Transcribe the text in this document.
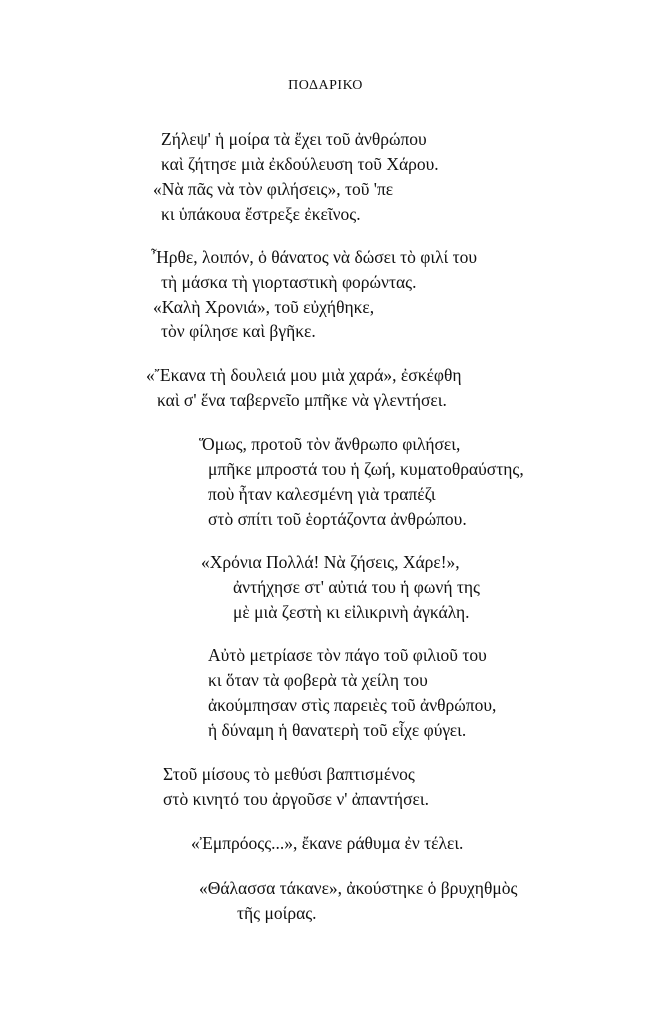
ΠΟΔΑΡΙΚΟ
Ζήλεψ' ἡ μοίρα τὰ ἔχει τοῦ ἀνθρώπου
καὶ ζήτησε μιὰ ἐκδούλευση τοῦ Χάρου.
«Νὰ πᾶς νὰ τὸν φιλήσεις», τοῦ 'πε
κι ὑπάκουα ἔστρεξε ἐκεῖνος.
Ἦρθε, λοιπόν, ὁ θάνατος νὰ δώσει τὸ φιλί του
τὴ μάσκα τὴ γιορταστικὴ φορώντας.
«Καλὴ Χρονιά», τοῦ εὐχήθηκε,
τὸν φίλησε καὶ βγῆκε.
«Ἔκανα τὴ δουλειά μου μιὰ χαρά», ἐσκέφθη
καὶ σ' ἕνα ταβερνεῖο μπῆκε νὰ γλεντήσει.
Ὅμως, προτοῦ τὸν ἄνθρωπο φιλήσει,
μπῆκε μπροστά του ἡ ζωή, κυματοθραύστης,
ποὺ ἦταν καλεσμένη γιὰ τραπέζι
στὸ σπίτι τοῦ ἑορτάζοντα ἀνθρώπου.
«Χρόνια Πολλά! Νὰ ζήσεις, Χάρε!»,
ἀντήχησε στ' αὐτιά του ἡ φωνή της
μὲ μιὰ ζεστὴ κι εἰλικρινὴ ἀγκάλη.
Αὐτὸ μετρίασε τὸν πάγο τοῦ φιλιοῦ του
κι ὅταν τὰ φοβερὰ τὰ χείλη του
ἀκούμπησαν στὶς παρειὲς τοῦ ἀνθρώπου,
ἡ δύναμη ἡ θανατερὴ τοῦ εἶχε φύγει.
Στοῦ μίσους τὸ μεθύσι βαπτισμένος
στὸ κινητό του ἀργοῦσε ν' ἀπαντήσει.
«Ἐμπρόοςς...», ἔκανε ράθυμα ἐν τέλει.
«Θάλασσα τάκανε», ἀκούστηκε ὁ βρυχηθμὸς
τῆς μοίρας.
